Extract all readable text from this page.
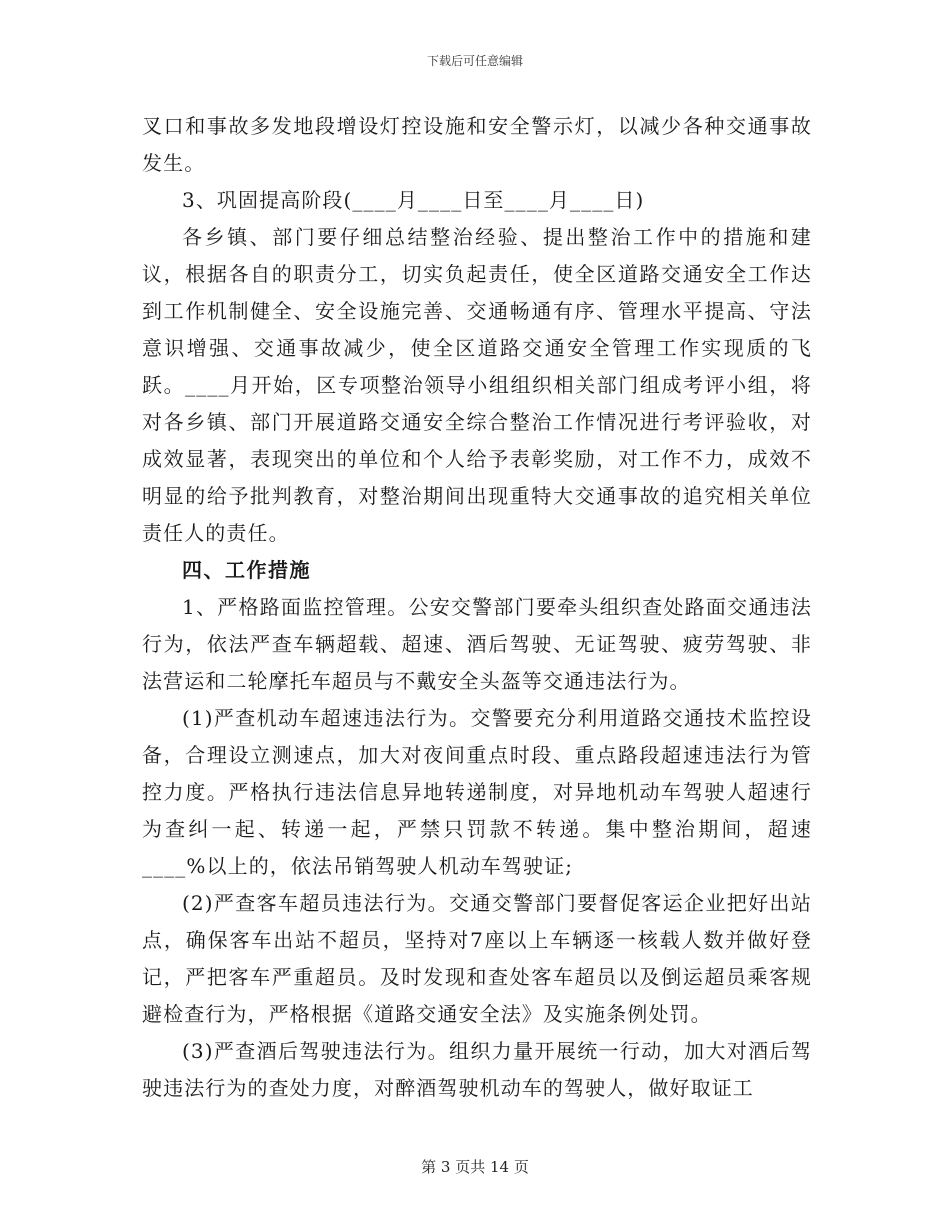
下载后可任意编辑

叉口和事故多发地段增设灯控设施和安全警示灯，以减少各种交通事故发生。

3、巩固提高阶段(____月____日至____月____日)

各乡镇、部门要仔细总结整治经验、提出整治工作中的措施和建议，根据各自的职责分工，切实负起责任，使全区道路交通安全工作达到工作机制健全、安全设施完善、交通畅通有序、管理水平提高、守法意识增强、交通事故减少，使全区道路交通安全管理工作实现质的飞跃。____月开始，区专项整治领导小组组织相关部门组成考评小组，将对各乡镇、部门开展道路交通安全综合整治工作情况进行考评验收，对成效显著，表现突出的单位和个人给予表彰奖励，对工作不力，成效不明显的给予批判教育，对整治期间出现重特大交通事故的追究相关单位责任人的责任。

四、工作措施

1、严格路面监控管理。公安交警部门要牵头组织查处路面交通违法行为，依法严查车辆超载、超速、酒后驾驶、无证驾驶、疲劳驾驶、非法营运和二轮摩托车超员与不戴安全头盔等交通违法行为。

(1)严查机动车超速违法行为。交警要充分利用道路交通技术监控设备，合理设立测速点，加大对夜间重点时段、重点路段超速违法行为管控力度。严格执行违法信息异地转递制度，对异地机动车驾驶人超速行为查纠一起、转递一起，严禁只罚款不转递。集中整治期间，超速____%以上的，依法吊销驾驶人机动车驾驶证;

(2)严查客车超员违法行为。交通交警部门要督促客运企业把好出站点，确保客车出站不超员，坚持对7座以上车辆逐一核载人数并做好登记，严把客车严重超员。及时发现和查处客车超员以及倒运超员乘客规避检查行为，严格根据《道路交通安全法》及实施条例处罚。

(3)严查酒后驾驶违法行为。组织力量开展统一行动，加大对酒后驾驶违法行为的查处力度，对醉酒驾驶机动车的驾驶人，做好取证工

第 3 页共 14 页
